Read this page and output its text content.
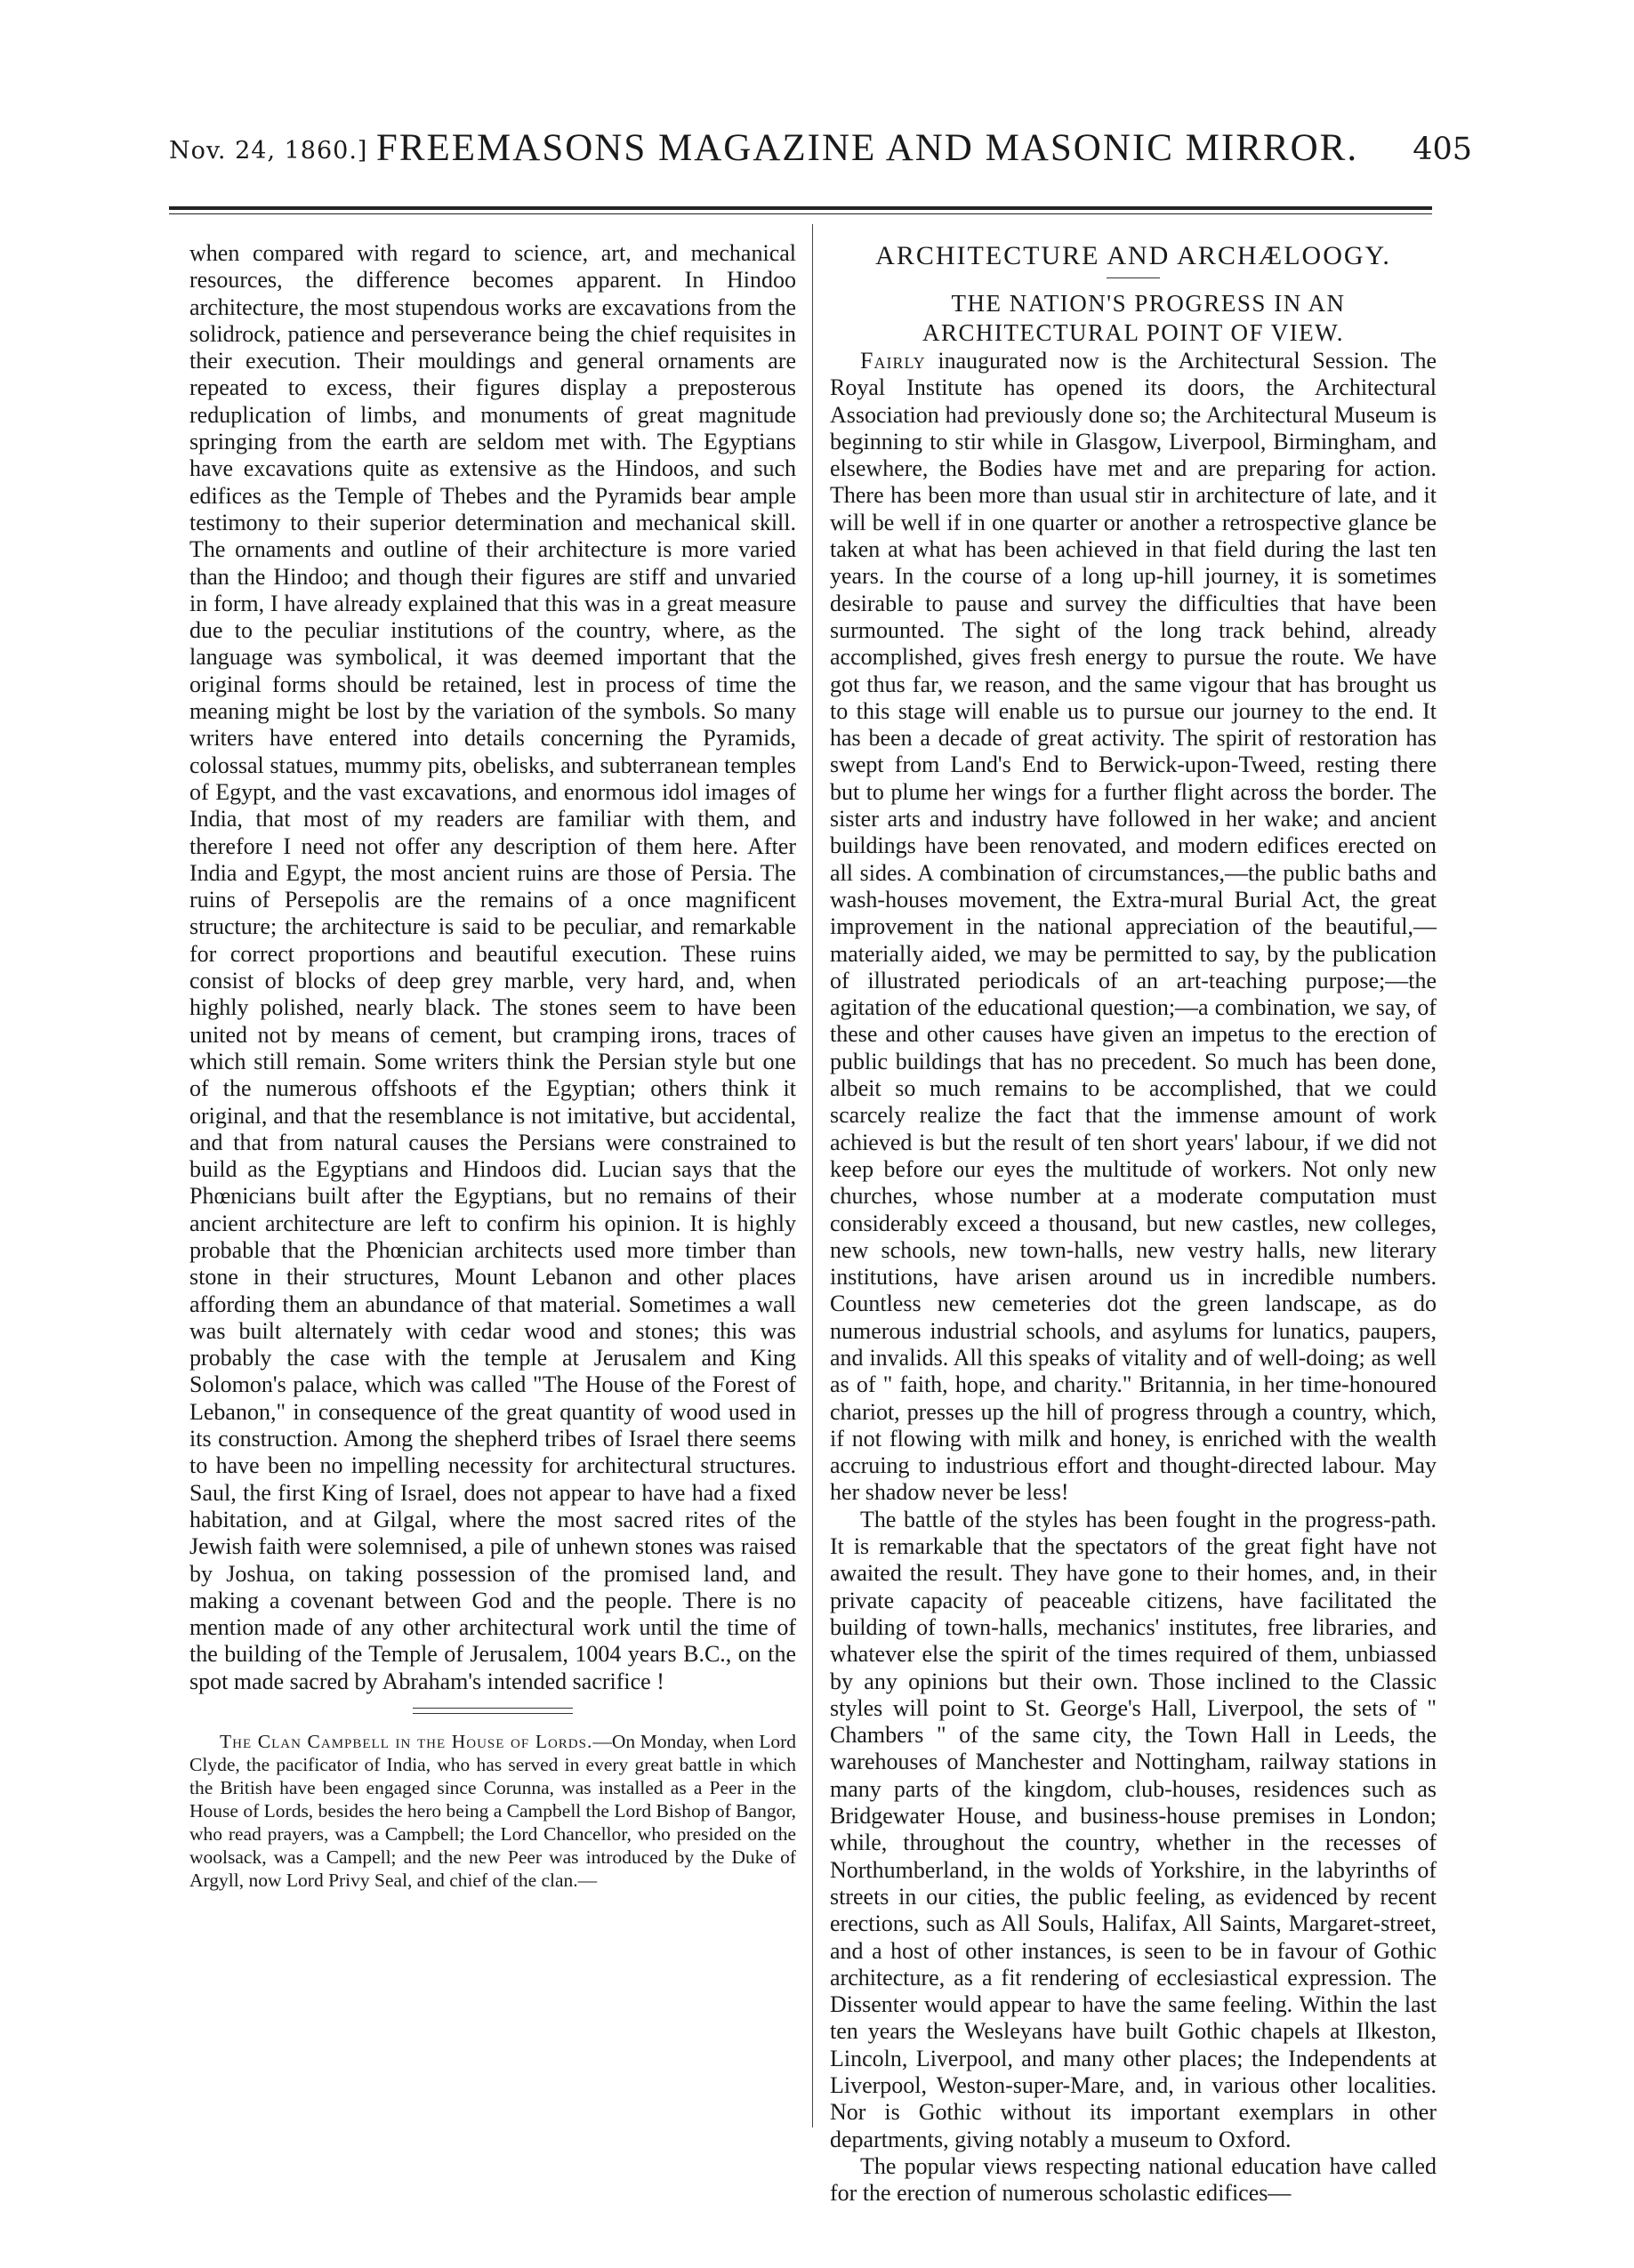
Nov. 24, 1860.] FREEMASONS MAGAZINE AND MASONIC MIRROR. 405

when compared with regard to science, art, and mechanical resources, the difference becomes apparent. In Hindoo architecture, the most stupendous works are excavations from the solidrock, patience and perseverance being the chief requisites in their execution. Their mouldings and general ornaments are repeated to excess, their figures display a preposterous reduplication of limbs, and monuments of great magnitude springing from the earth are seldom met with. The Egyptians have excavations quite as extensive as the Hindoos, and such edifices as the Temple of Thebes and the Pyramids bear ample testimony to their superior determination and mechanical skill. The ornaments and outline of their architecture is more varied than the Hindoo; and though their figures are stiff and unvaried in form, I have already explained that this was in a great measure due to the peculiar institutions of the country, where, as the language was symbolical, it was deemed important that the original forms should be retained, lest in process of time the meaning might be lost by the variation of the symbols. So many writers have entered into details concerning the Pyramids, colossal statues, mummy pits, obelisks, and subterranean temples of Egypt, and the vast excavations, and enormous idol images of India, that most of my readers are familiar with them, and therefore I need not offer any description of them here. After India and Egypt, the most ancient ruins are those of Persia. The ruins of Persepolis are the remains of a once magnificent structure; the architecture is said to be peculiar, and remarkable for correct proportions and beautiful execution. These ruins consist of blocks of deep grey marble, very hard, and, when highly polished, nearly black. The stones seem to have been united not by means of cement, but cramping irons, traces of which still remain. Some writers think the Persian style but one of the numerous offshoots ef the Egyptian; others think it original, and that the resemblance is not imitative, but accidental, and that from natural causes the Persians were constrained to build as the Egyptians and Hindoos did. Lucian says that the Phœnicians built after the Egyptians, but no remains of their ancient architecture are left to confirm his opinion. It is highly probable that the Phœnician architects used more timber than stone in their structures, Mount Lebanon and other places affording them an abundance of that material. Sometimes a wall was built alternately with cedar wood and stones; this was probably the case with the temple at Jerusalem and King Solomon's palace, which was called "The House of the Forest of Lebanon," in consequence of the great quantity of wood used in its construction. Among the shepherd tribes of Israel there seems to have been no impelling necessity for architectural structures. Saul, the first King of Israel, does not appear to have had a fixed habitation, and at Gilgal, where the most sacred rites of the Jewish faith were solemnised, a pile of unhewn stones was raised by Joshua, on taking possession of the promised land, and making a covenant between God and the people. There is no mention made of any other architectural work until the time of the building of the Temple of Jerusalem, 1004 years B.C., on the spot made sacred by Abraham's intended sacrifice !

The Clan Campbell in the House of Lords.—On Monday, when Lord Clyde, the pacificator of India, who has served in every great battle in which the British have been engaged since Corunna, was installed as a Peer in the House of Lords, besides the hero being a Campbell the Lord Bishop of Bangor, who read prayers, was a Campbell; the Lord Chancellor, who presided on the woolsack, was a Campell; and the new Peer was introduced by the Duke of Argyll, now Lord Privy Seal, and chief of the clan.—

ARCHITECTURE AND ARCHÆLOOGY.

THE NATION'S PROGRESS IN AN ARCHITECTURAL POINT OF VIEW.

Fairly inaugurated now is the Architectural Session. The Royal Institute has opened its doors, the Architectural Association had previously done so; the Architectural Museum is beginning to stir while in Glasgow, Liverpool, Birmingham, and elsewhere, the Bodies have met and are preparing for action. There has been more than usual stir in architecture of late, and it will be well if in one quarter or another a retrospective glance be taken at what has been achieved in that field during the last ten years. In the course of a long up-hill journey, it is sometimes desirable to pause and survey the difficulties that have been surmounted. The sight of the long track behind, already accomplished, gives fresh energy to pursue the route. We have got thus far, we reason, and the same vigour that has brought us to this stage will enable us to pursue our journey to the end. It has been a decade of great activity. The spirit of restoration has swept from Land's End to Berwick-upon-Tweed, resting there but to plume her wings for a further flight across the border. The sister arts and industry have followed in her wake; and ancient buildings have been renovated, and modern edifices erected on all sides. A combination of circumstances,—the public baths and wash-houses movement, the Extra-mural Burial Act, the great improvement in the national appreciation of the beautiful,—materially aided, we may be permitted to say, by the publication of illustrated periodicals of an art-teaching purpose;—the agitation of the educational question;—a combination, we say, of these and other causes have given an impetus to the erection of public buildings that has no precedent. So much has been done, albeit so much remains to be accomplished, that we could scarcely realize the fact that the immense amount of work achieved is but the result of ten short years' labour, if we did not keep before our eyes the multitude of workers. Not only new churches, whose number at a moderate computation must considerably exceed a thousand, but new castles, new colleges, new schools, new town-halls, new vestry halls, new literary institutions, have arisen around us in incredible numbers. Countless new cemeteries dot the green landscape, as do numerous industrial schools, and asylums for lunatics, paupers, and invalids. All this speaks of vitality and of well-doing; as well as of " faith, hope, and charity." Britannia, in her time-honoured chariot, presses up the hill of progress through a country, which, if not flowing with milk and honey, is enriched with the wealth accruing to industrious effort and thought-directed labour. May her shadow never be less!

The battle of the styles has been fought in the progress-path. It is remarkable that the spectators of the great fight have not awaited the result. They have gone to their homes, and, in their private capacity of peaceable citizens, have facilitated the building of town-halls, mechanics' institutes, free libraries, and whatever else the spirit of the times required of them, unbiassed by any opinions but their own. Those inclined to the Classic styles will point to St. George's Hall, Liverpool, the sets of " Chambers " of the same city, the Town Hall in Leeds, the warehouses of Manchester and Nottingham, railway stations in many parts of the kingdom, club-houses, residences such as Bridgewater House, and business-house premises in London; while, throughout the country, whether in the recesses of Northumberland, in the wolds of Yorkshire, in the labyrinths of streets in our cities, the public feeling, as evidenced by recent erections, such as All Souls, Halifax, All Saints, Margaret-street, and a host of other instances, is seen to be in favour of Gothic architecture, as a fit rendering of ecclesiastical expression. The Dissenter would appear to have the same feeling. Within the last ten years the Wesleyans have built Gothic chapels at Ilkeston, Lincoln, Liverpool, and many other places; the Independents at Liverpool, Weston-super-Mare, and, in various other localities. Nor is Gothic without its important exemplars in other departments, giving notably a museum to Oxford.

The popular views respecting national education have called for the erection of numerous scholastic edifices—
